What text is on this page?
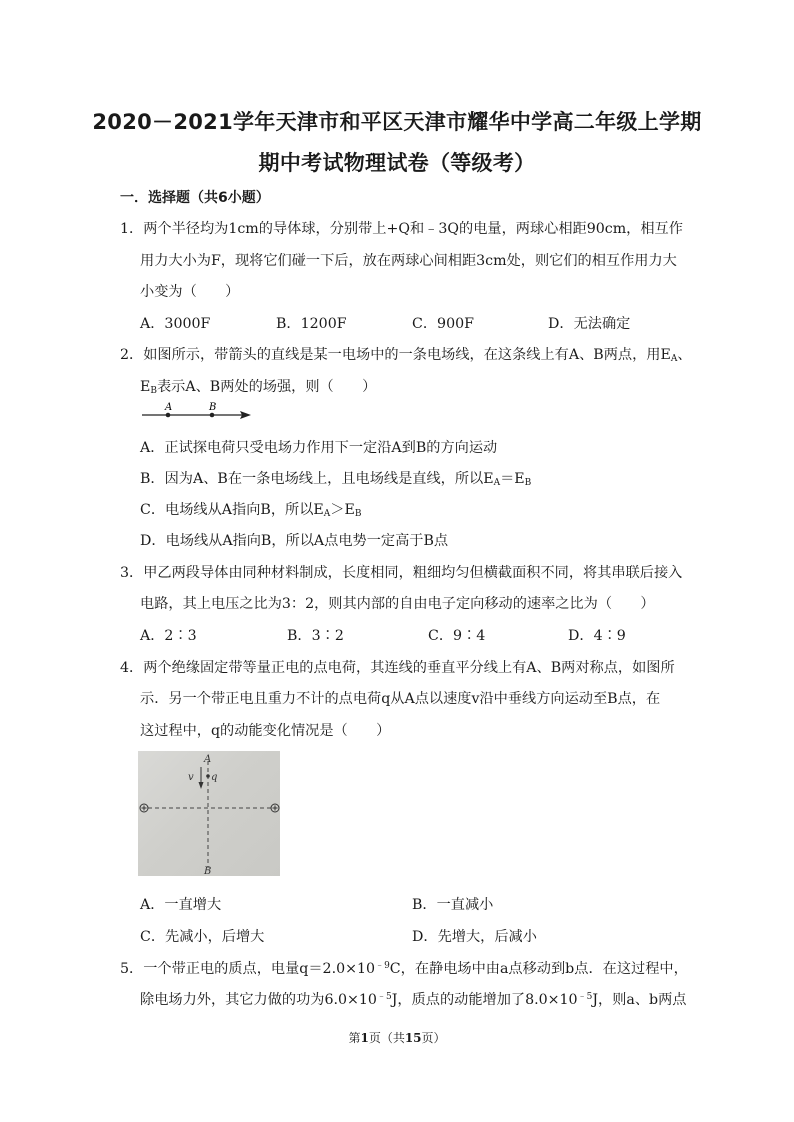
2020－2021学年天津市和平区天津市耀华中学高二年级上学期
期中考试物理试卷（等级考）
一．选择题（共6小题）
1．两个半径均为1cm的导体球，分别带上+Q和﹣3Q的电量，两球心相距90cm，相互作
用力大小为F，现将它们碰一下后，放在两球心间相距3cm处，则它们的相互作用力大
小变为（　　）
A．3000F	B．1200F	C．900F	D．无法确定
2．如图所示，带箭头的直线是某一电场中的一条电场线，在这条线上有A、B两点，用$E_A$、
$E_B$表示A、B两处的场强，则（　　）
A	B
A．正试探电荷只受电场力作用下一定沿A到B的方向运动
B．因为A、B在一条电场线上，且电场线是直线，所以$E_A=E_B$
C．电场线从A指向B，所以$E_A>E_B$
D．电场线从A指向B，所以A点电势一定高于B点
3．甲乙两段导体由同种材料制成，长度相同，粗细均匀但横截面积不同，将其串联后接入
电路，其上电压之比为3：2，则其内部的自由电子定向移动的速率之比为（　　）
A．2∶3	B．3∶2	C．9∶4	D．4∶9
4．两个绝缘固定带等量正电的点电荷，其连线的垂直平分线上有A、B两对称点，如图所
示．另一个带正电且重力不计的点电荷q从A点以速度v沿中垂线方向运动至B点，在
这过程中，q的动能变化情况是（　　）
A
v q
B
A．一直增大	B．一直减小
C．先减小，后增大	D．先增大，后减小
5．一个带正电的质点，电量$q=2.0\times 10^{﹣9}C$，在静电场中由a点移动到b点．在这过程中，
除电场力外，其它力做的功为$6.0\times 10^{﹣5}J$，质点的动能增加了$8.0\times 10^{﹣5}J$，则a、b两点
第1页（共15页）
